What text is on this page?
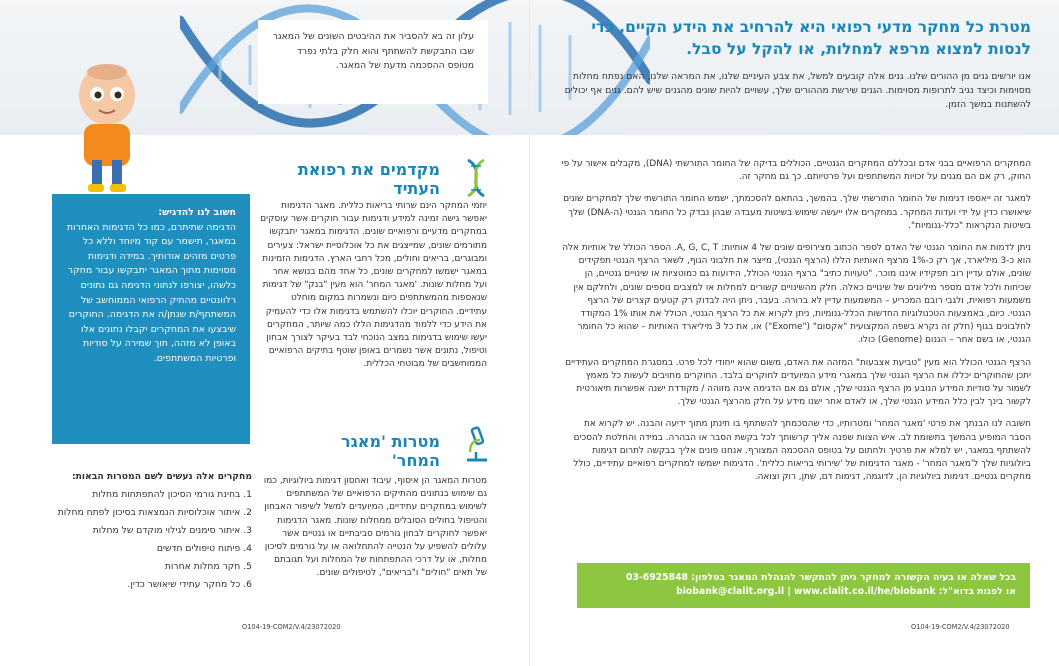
מטרת כל מחקר מדעי רפואי היא להרחיב את הידע הקיים, כדי לנסות למצוא מרפא למחלות, או להקל על סבל.
אנו יורשים גנים מן ההורים שלנו. גנים אלה קובעים למשל, את צבע העיניים שלנו, את המראה שלנו, האם נפתח מחלות מסוימות וכיצד נגיב לתרופות מסוימות. הגנים שירשת מההורים שלך, עשויים להיות שונים מהגנים שיש להם. גנים אף יכולים להשתנות במשך הזמן.

המחקרים הרפואיים בבני אדם ובכללם המחקרים הגנטיים, הכוללים בדיקה של החומר התורשתי (DNA), מקבלים אישור על פי החוק, רק אם הם מגנים על זכויות המשתתפים ועל פרטיותם. כך גם מחקר זה.

למאגר זה ייאספו דגימות של החומר התורשתי שלך. בהמשך, בהתאם להסכמתך, ישמש החומר התורשתי שלך למחקרים שונים שיאושרו כדין על ידי ועדות המחקר. במחקרים אלו ייעשה שימוש בשיטות מעבדה שבהן נבדק כל החומר הגנטי (ה-DNA) שלך בשיטות הנקראות "כלל-גנומיות".

ניתן לדמות את החומר הגנטי של האדם לספר הכתוב מצירופים שונים של 4 אותיות: A, G, C, T. הספר הכולל של אותיות אלה הוא כ-3 מיליארד, אך רק כ-1% מרצף האותיות הללו (הרצף הגנטי), מייצר את חלבוני הגוף, לשאר הרצף הגנטי תפקידים שונים, אולם עדיין רוב תפקידיו איננו מוכר. "טעויות כתיב" ברצף הגנטי הכולל, הידועות גם כמוטציות או שינויים גנטיים, הן שכיחות ולכל אדם מספר מיליונים של שינויים כאלה. חלק מהשינויים קשורים למחלות או למצבים נוספים שונים, ולחלקם אין משמעות רפואית, ולגבי רובם המכריע – המשמעות עדיין לא ברורה. בעבר, ניתן היה לבדוק רק קטעים קצרים של הרצף הגנטי. כיום, באמצעות הטכנולוגיות החדשות הכלל-גנומיות, ניתן לקרוא את כל הרצף הגנטי, הכולל את אותו 1% המקודד לחלבונים בגוף (חלק זה נקרא בשפה המקצועית "אקסום" ("Exome") או, את כל 3 מיליארד האותיות – שהוא כל החומר הגנטי, או בשם אחר – הגנום (Genome) כולו.

הרצף הגנטי הכולל הוא מעין "טביעת אצבעות" המזהה את האדם, משום שהוא ייחודי לכל פרט. במסגרת המחקרים העתידיים יתכן שהחוקרים יכללו את הרצף הגנטי שלך במאגרי מידע המיועדים לחוקרים בלבד. החוקרים מחויבים לעשות כל מאמץ לשמור על סודיות המידע הנובע מן הרצף הגנטי שלך, אולם גם אם הדגימה אינה מזוהה / מקודדת ישנה אפשרות תיאורטית לקשור בינך לבין כלל המידע הגנטי שלך, או לאדם אחר ישנו מידע על חלק מהרצף הגנטי שלך.

חשובה לנו הבנתך את פרטי 'מאגר המחר' ומטרותיו, כדי שהסכמתך להשתתף בו תינתן מתוך ידיעה והבנה. יש לקרוא את הסבר המופיע בהמשך בתשומת לב. איש הצוות שפנה אליך קרשותך לכל בקשת הסבר או הבהרה. במידה והחלטת להסכים להשתתף במאגר, יש למלא את פרטיך ולחתום על בטופס ההסכמה המצורף. אנחנו פונים אליך בבקשה לתרום דגימות ביולוגיות שלך ל'מאגר המחר' - מאגר הדגימות של 'שירותי בריאות כללית'. הדגימות ישמשו למחקרים רפואיים עתידיים, כולל מחקרים גנטיים. דגימות ביולוגיות הן, לדוגמה, דגימות דם, שתן, רוק וצואה.

בכל שאלה או בעיה הקשורה למחקר ניתן להתקשר להנהלת המאגר בטלפון: 03-6925848
או לפנות בדוא"ל: biobank@clalit.org.il | www.clalit.co.il/he/biobank
O104-19-COM2/V.4/23072020
עלון זה בא להסביר את ההיבטים השונים של המאגר שבו התבקשת להשתתף והוא חלק בלתי נפרד מטופס ההסכמה מדעת של המאגר.
מקדמים את רפואת העתיד
יוזמי המחקר הינם שרותי בריאות כללית. מאגר הדגימות יאפשר גישה זמינה למידע ודגימות עבור חוקרים אשר עוסקים במחקרים מדעיים ורפואיים שונים. הדגימות במאגר יתבקשו מתורמים שונים, שמייצגים את כל אוכלוסיית ישראל: צעירים ומבוגרים, בריאים וחולים, מכל רחבי הארץ. הדגימות הזמינות במאגר ישמשו למחקרים שונים, כל אחד מהם בנושא אחר ועל מחלות שונות. 'מאגר המחר' הוא מעין "בנק" של דגימות שנאספות מהמשתתפים כיום ונשמרות במקום מוחלט עתידיים. החוקרים יוכלו להשתמש בדגימות אלו כדי להעמיק את הידע כדי ללמוד מהדגימות הללו כמה שיותר, המחקרים יעשו שימוש בדגימות במצב הנוכחי לבד בעיקר לצורך אבחון וטיפול, נתונים אשר נשמרים באופן שוטף בתיקים הרפואיים הממוחשבים של מבוטחי הכללית.
מטרות 'מאגר המחר'
מטרות המאגר הן איסוף, עיבוד ואחסון דגימות ביולוגיות, כמו גם שימוש בנתונים מהתיקים הרפואיים של המשתתפים לשימוש במחקרים עתידיים, המיועדים למשל לשיפור האבחון והטיפול בחולים הסובלים ממחלות שונות. מאגר הדגימות יאפשר לחוקרים לבחון גורמים סביבתיים או גנטיים אשר עלולים להשפיע על הנטייה להתחלואה או על גורמים לסיכון מחלות, או על דרכי ההתפתחות של המחלות ועל תגובתם של תאים "חולים" ו"בריאים", לטיפולים שונים.
חשוב לנו להדגיש:
הדגימה שתיתרם, כמו כל הדגימות האחרות במאגר, תישמר עם קוד מיוחד וללא כל פרטים מזהים אודותיך. במידה ודגימות מסוימות מתוך המאגר יתבקשו עבור מחקר כלשהו, יצורפו לנתוני הדגימה גם נתונים רלוונטיים מהתיק הרפואי הממוחשב של המשתתף/ת שנתן/ה את הדגימה. החוקרים שיבצעו את המחקרים יקבלו נתונים אלו באופן לא מזהה, תוך שמירה על סודיות ופרטיות המשתתפים.
מחקרים אלה נעשים לשם המטרות הבאות:
1. בחינת גורמי הסיכון להתפתחות מחלות
2. איתור אוכלוסיות הנמצאות בסיכון לפתח מחלות
3. איתור סימנים לגילוי מוקדם של מחלות
4. פיתוח טיפולים חדשים
5. חקר מחלות אחרות
6. כל מחקר עתידי שיאושר כדין.
O104-19-COM2/V.4/23072020
